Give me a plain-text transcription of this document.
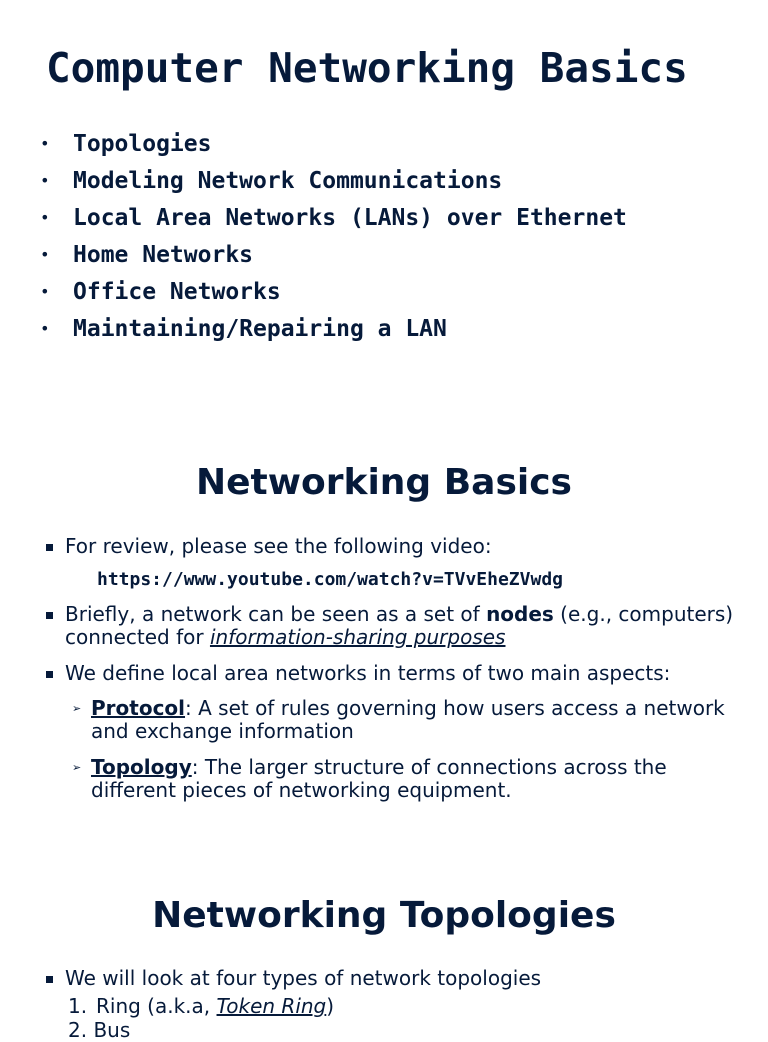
Computer Networking Basics
•	Topologies
•	Modeling Network Communications
•	Local Area Networks (LANs) over Ethernet
•	Home Networks
•	Office Networks
•	Maintaining/Repairing a LAN
Networking Basics
For review, please see the following video:
https://www.youtube.com/watch?v=TVvEheZVwdg
Briefly, a network can be seen as a set of nodes (e.g., computers) connected for information-sharing purposes
We define local area networks in terms of two main aspects:
➢ Protocol: A set of rules governing how users access a network and exchange information
➢ Topology: The larger structure of connections across the different pieces of networking equipment.
Networking Topologies
We will look at four types of network topologies
1. Ring (a.k.a, Token Ring)
2. Bus
